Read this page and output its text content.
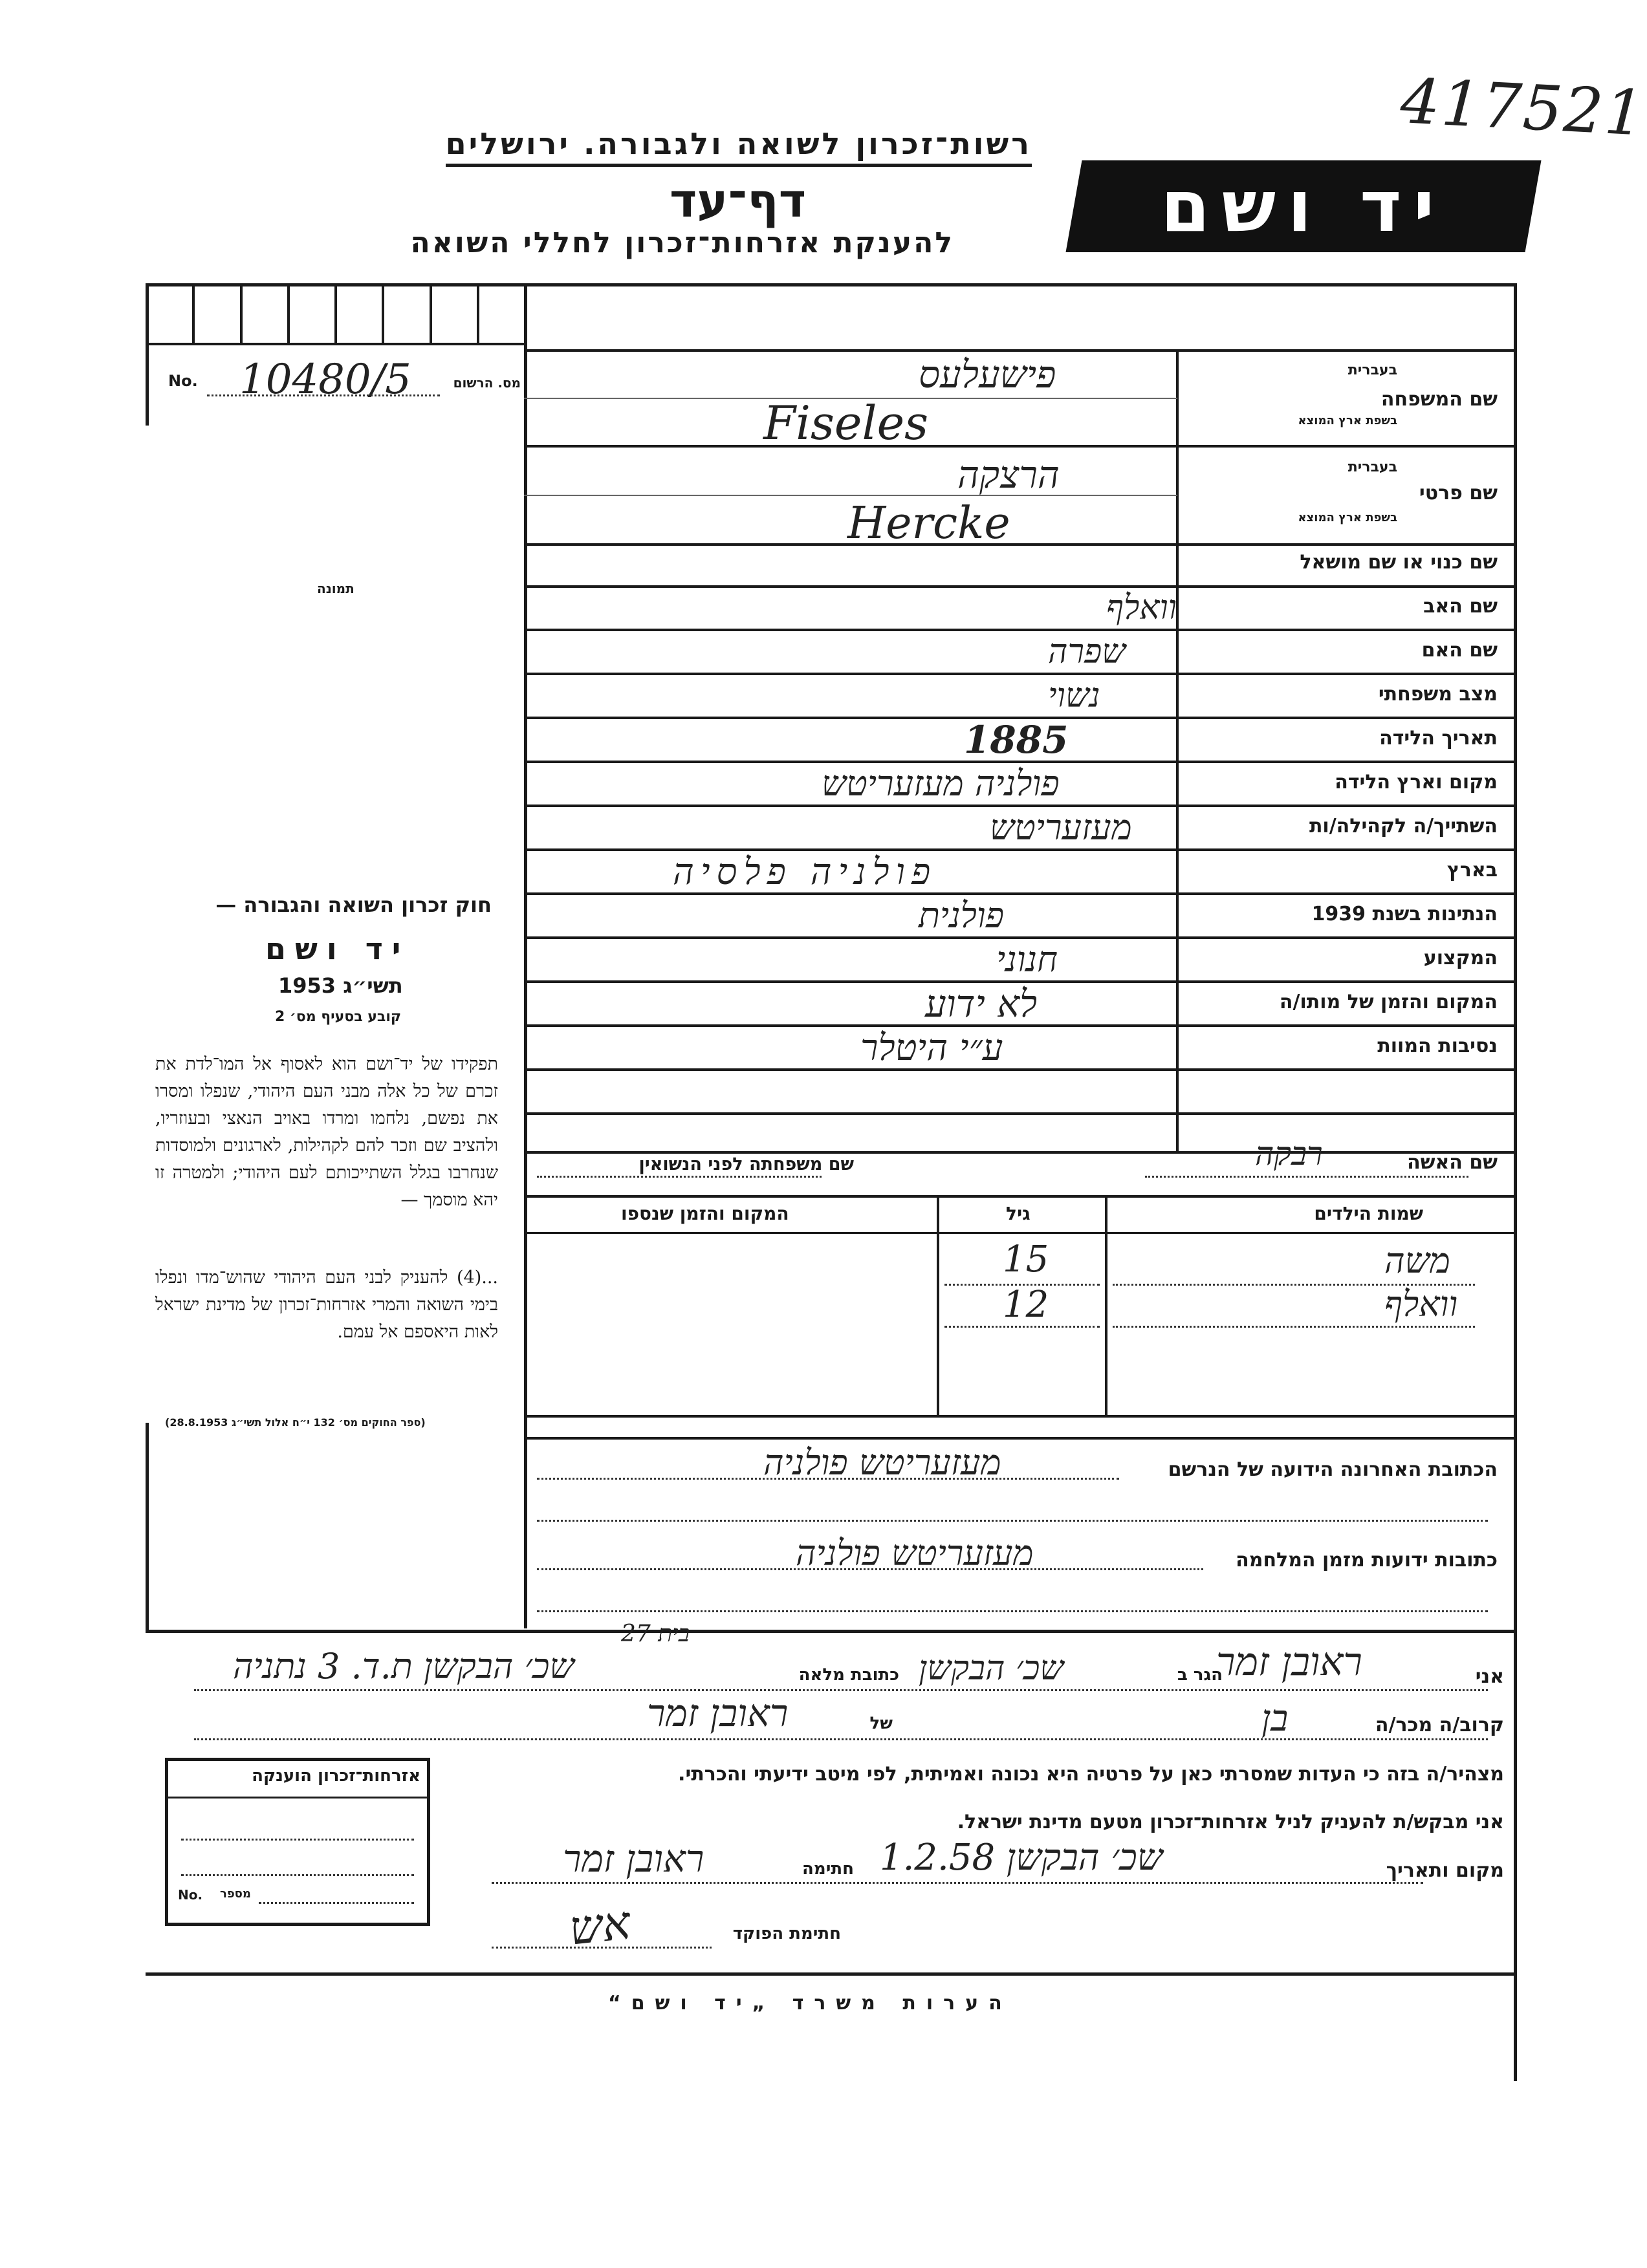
417521
רשות־זכרון לשואה ולגבורה. ירושלים
דף־עד
להענקת אזרחות־זכרון לחללי השואה	יד ושם
No. 10480/5	מס. הרשום
תמונה
חוק זכרון השואה והגבורה —
יד ושם
תשי״ג 1953
קובע בסעיף מס׳ 2
תפקידו של יד־ושם הוא לאסוף אל המו־לדת את זכרם של כל אלה מבני העם היהודי, שנפלו ומסרו את נפשם, נלחמו ומרדו באויב הנאצי ובעוזריו, ולהציב שם וזכר להם לקהילות, לארגונים ולמוסדות שנחרבו בגלל השתייכותם לעם היהודי; ולמטרה זו יהא מוסמך —
...(4) להעניק לבני העם היהודי שהוש־מדו ונפלו בימי השואה והמרי אזרחות־זכרון של מדינת ישראל לאות היאספם אל עמם.
(ספר החוקים מס׳ 132 י״ח אלול תשי״ג 28.8.1953)
שם המשפחה
בעברית
בשפת ארץ המוצא
פישעלעס
Fiseles
שם פרטי
בעברית
בשפת ארץ המוצא
הרצקה
Hercke
שם כנוי או שם מושאל
שם האב
וואלף
שם האם
שפרה
מצב משפחתי
נשוי
תאריך הלידה
1885
מקום וארץ הלידה
פולניה מעזעריטש
השתייך/ה לקהילה/ות
מעזעריטש
בארץ
פולניה פלסיה
הנתינות בשנת 1939
פולנית
המקצוע
חנוני
המקום והזמן של מותו/ה
לא ידוע
נסיבות המוות
ע״י היטלר
שם האשה
רבקה
שם משפחתה לפני הנשואין
שמות הילדים
גיל
המקום והזמן שנספו
משה
15
וואלף
12
הכתובת האחרונה הידועה של הנרשם
מעזעריטש פולניה
כתובות ידועות מזמן המלחמה
מעזעריטש פולניה
אני
ראובן זמר
הגר ב
שכ׳ הבקשן
כתובת מלאה
שכ׳ הבקשן ת.ד. 3 נתניה
בית 27
קרוב/ה מכר/ה
בן
של
ראובן זמר
מצהיר/ה בזה כי העדות שמסרתי כאן על פרטיה היא נכונה ואמיתית, לפי מיטב ידיעתי והכרתי.
אני מבקש/ת להעניק לניל אזרחות־זכרון מטעם מדינת ישראל.
מקום ותאריך
שכ׳ הבקשן 1.2.58
חתימה
ראובן זמר
חתימת הפוקד
אש
אזרחות־זכרון הוענקה
No. מספר
הערות משרד „יד ושם“
